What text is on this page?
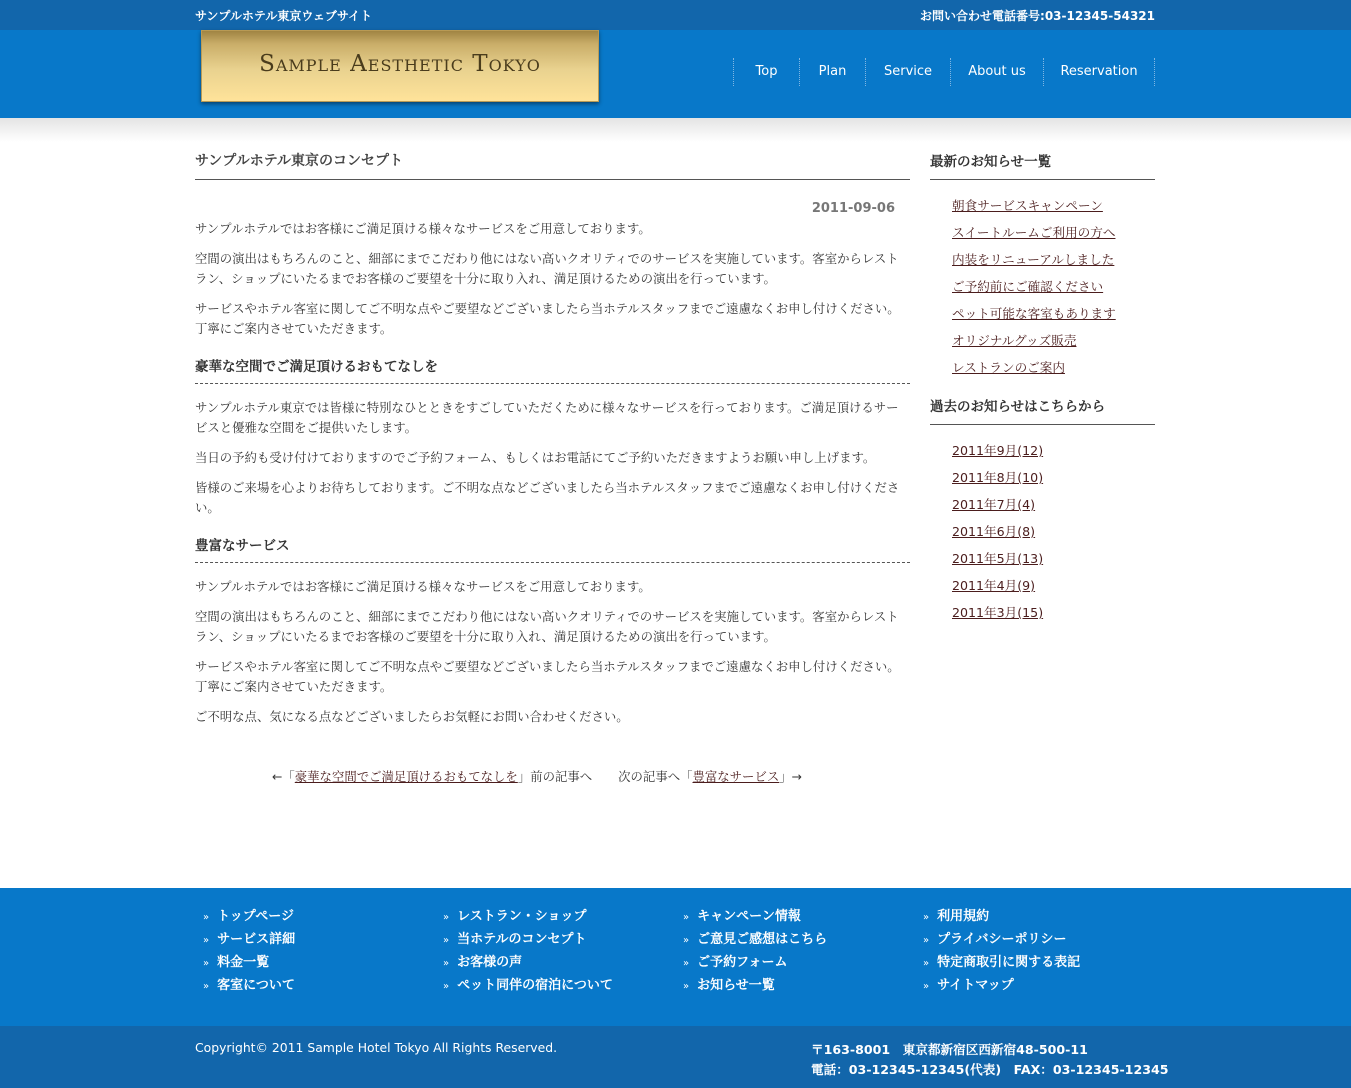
サンプルホテル東京ウェブサイト	お問い合わせ電話番号:03-12345-54321
Sample Aesthetic Tokyo	Top	Plan	Service	About us	Reservation
サンプルホテル東京のコンセプト
2011-09-06

サンプルホテルではお客様にご満足頂ける様々なサービスをご用意しております。

空間の演出はもちろんのこと、細部にまでこだわり他にはない高いクオリティでのサービスを実施しています。客室からレストラン、ショップにいたるまでお客様のご要望を十分に取り入れ、満足頂けるための演出を行っています。

サービスやホテル客室に関してご不明な点やご要望などございましたら当ホテルスタッフまでご遠慮なくお申し付けください。丁寧にご案内させていただきます。

豪華な空間でご満足頂けるおもてなしを

サンプルホテル東京では皆様に特別なひとときをすごしていただくために様々なサービスを行っております。ご満足頂けるサービスと優雅な空間をご提供いたします。

当日の予約も受け付けておりますのでご予約フォーム、もしくはお電話にてご予約いただきますようお願い申し上げます。

皆様のご来場を心よりお待ちしております。ご不明な点などございましたら当ホテルスタッフまでご遠慮なくお申し付けください。

豊富なサービス

サンプルホテルではお客様にご満足頂ける様々なサービスをご用意しております。

空間の演出はもちろんのこと、細部にまでこだわり他にはない高いクオリティでのサービスを実施しています。客室からレストラン、ショップにいたるまでお客様のご要望を十分に取り入れ、満足頂けるための演出を行っています。

サービスやホテル客室に関してご不明な点やご要望などございましたら当ホテルスタッフまでご遠慮なくお申し付けください。丁寧にご案内させていただきます。

ご不明な点、気になる点などございましたらお気軽にお問い合わせください。

←「豪華な空間でご満足頂けるおもてなしを」前の記事へ 次の記事へ「豊富なサービス」→
最新のお知らせ一覧
朝食サービスキャンペーン
スイートルームご利用の方へ
内装をリニューアルしました
ご予約前にご確認ください
ペット可能な客室もあります
オリジナルグッズ販売
レストランのご案内
過去のお知らせはこちらから
2011年9月(12)
2011年8月(10)
2011年7月(4)
2011年6月(8)
2011年5月(13)
2011年4月(9)
2011年3月(15)
» トップページ
» サービス詳細
» 料金一覧
» 客室について
» レストラン・ショップ
» 当ホテルのコンセプト
» お客様の声
» ペット同伴の宿泊について
» キャンペーン情報
» ご意見ご感想はこちら
» ご予約フォーム
» お知らせ一覧
» 利用規約
» プライバシーポリシー
» 特定商取引に関する表記
» サイトマップ
Copyright© 2011 Sample Hotel Tokyo All Rights Reserved.	〒163-8001　東京都新宿区西新宿48-500-11
電話：03-12345-12345(代表)　FAX：03-12345-12345
